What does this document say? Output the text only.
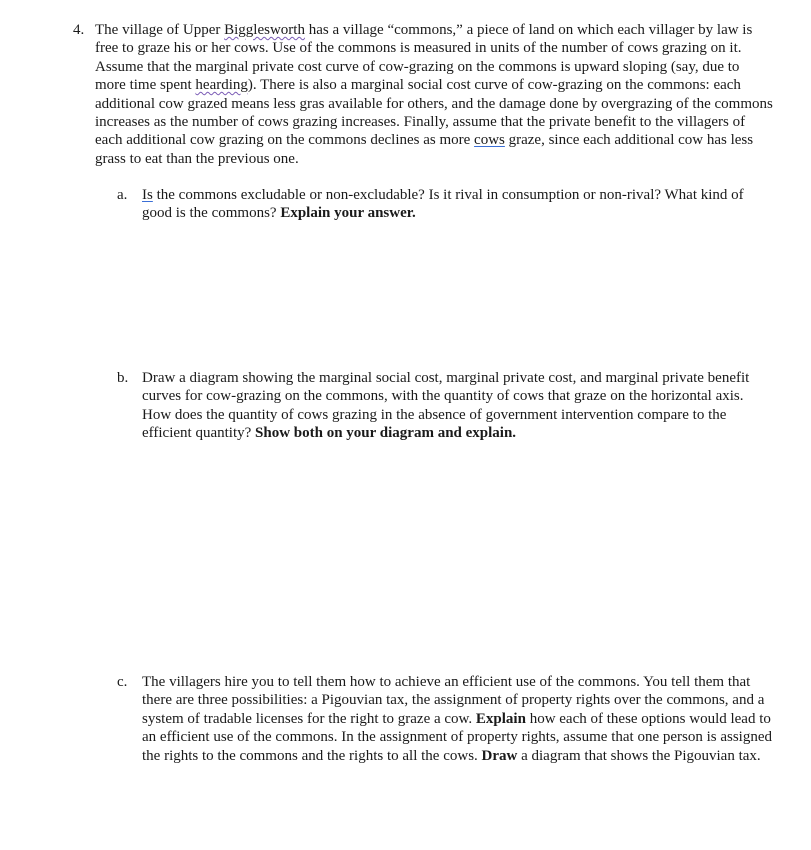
4. The village of Upper Bigglesworth has a village “commons,” a piece of land on which each villager by law is free to graze his or her cows. Use of the commons is measured in units of the number of cows grazing on it. Assume that the marginal private cost curve of cow-grazing on the commons is upward sloping (say, due to more time spent hearding). There is also a marginal social cost curve of cow-grazing on the commons: each additional cow grazed means less gras available for others, and the damage done by overgrazing of the commons increases as the number of cows grazing increases. Finally, assume that the private benefit to the villagers of each additional cow grazing on the commons declines as more cows graze, since each additional cow has less grass to eat than the previous one.

a. Is the commons excludable or non-excludable? Is it rival in consumption or non-rival? What kind of good is the commons? Explain your answer.

b. Draw a diagram showing the marginal social cost, marginal private cost, and marginal private benefit curves for cow-grazing on the commons, with the quantity of cows that graze on the horizontal axis. How does the quantity of cows grazing in the absence of government intervention compare to the efficient quantity? Show both on your diagram and explain.

c. The villagers hire you to tell them how to achieve an efficient use of the commons. You tell them that there are three possibilities: a Pigouvian tax, the assignment of property rights over the commons, and a system of tradable licenses for the right to graze a cow. Explain how each of these options would lead to an efficient use of the commons. In the assignment of property rights, assume that one person is assigned the rights to the commons and the rights to all the cows. Draw a diagram that shows the Pigouvian tax.
